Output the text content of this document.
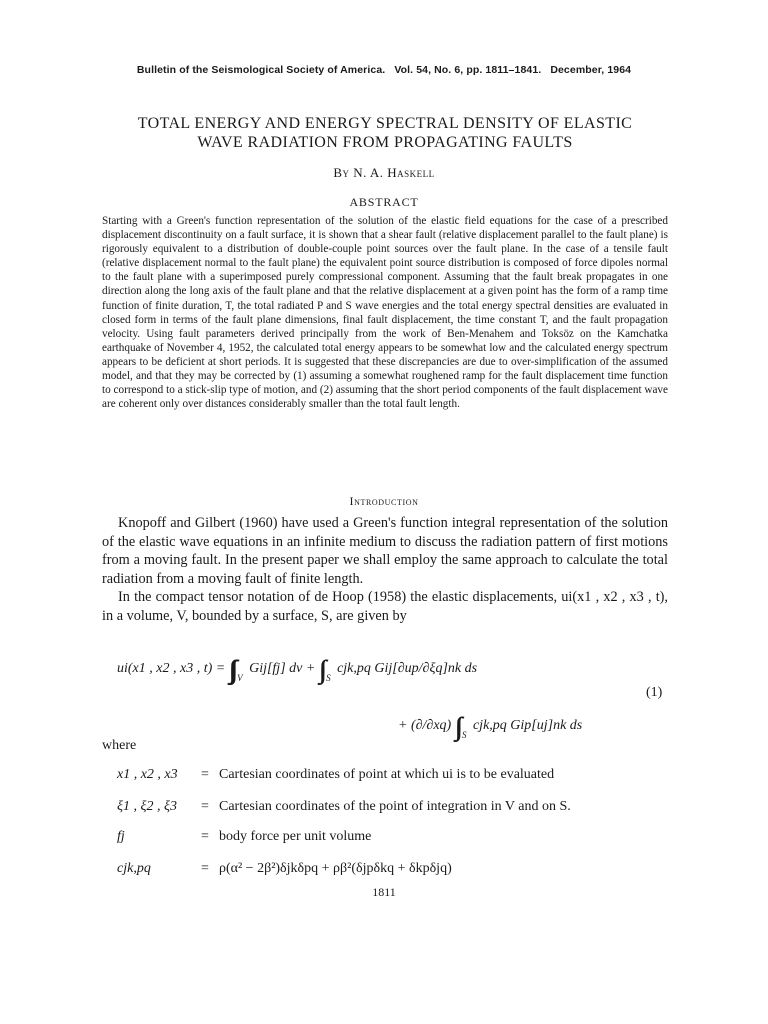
Bulletin of the Seismological Society of America. Vol. 54, No. 6, pp. 1811–1841. December, 1964
TOTAL ENERGY AND ENERGY SPECTRAL DENSITY OF ELASTIC
WAVE RADIATION FROM PROPAGATING FAULTS
By N. A. Haskell
ABSTRACT

Starting with a Green's function representation of the solution of the elastic field equations for the case of a prescribed displacement discontinuity on a fault surface, it is shown that a shear fault (relative displacement parallel to the fault plane) is rigorously equivalent to a distribution of double-couple point sources over the fault plane. In the case of a tensile fault (relative displacement normal to the fault plane) the equivalent point source distribution is composed of force dipoles normal to the fault plane with a superimposed purely compressional component. Assuming that the fault break propagates in one direction along the long axis of the fault plane and that the relative displacement at a given point has the form of a ramp time function of finite duration, T, the total radiated P and S wave energies and the total energy spectral densities are evaluated in closed form in terms of the fault plane dimensions, final fault displacement, the time constant T, and the fault propagation velocity. Using fault parameters derived principally from the work of Ben-Menahem and Toksöz on the Kamchatka earthquake of November 4, 1952, the calculated total energy appears to be somewhat low and the calculated energy spectrum appears to be deficient at short periods. It is suggested that these discrepancies are due to over-simplification of the assumed model, and that they may be corrected by (1) assuming a somewhat roughened ramp for the fault displacement time function to correspond to a stick-slip type of motion, and (2) assuming that the short period components of the fault displacement wave are coherent only over distances considerably smaller than the total fault length.

Introduction

Knopoff and Gilbert (1960) have used a Green's function integral representation of the solution of the elastic wave equations in an infinite medium to discuss the radiation pattern of first motions from a moving fault. In the present paper we shall employ the same approach to calculate the total radiation from a moving fault of finite length.

In the compact tensor notation of de Hoop (1958) the elastic displacements, ui(x1 , x2 , x3 , t), in a volume, V, bounded by a surface, S, are given by

ui(x1 , x2 , x3 , t) = ∫∫∫ $_V$ Gij[fj] dv + ∫∫ $_S$ cjk,pq Gij[∂up/∂ξq]nk ds
(1)
+ (∂/∂xq) ∫∫ $_S$ cjk,pq Gip[uj]nk ds
where
x1 , x2 , x3 = Cartesian coordinates of point at which ui is to be evaluated
ξ1 , ξ2 , ξ3 = Cartesian coordinates of the point of integration in V and on S.
fj	= body force per unit volume
cjk,pq	= ρ(α² − 2β²)δjkδpq + ρβ²(δjpδkq + δkpδjq)
1811
